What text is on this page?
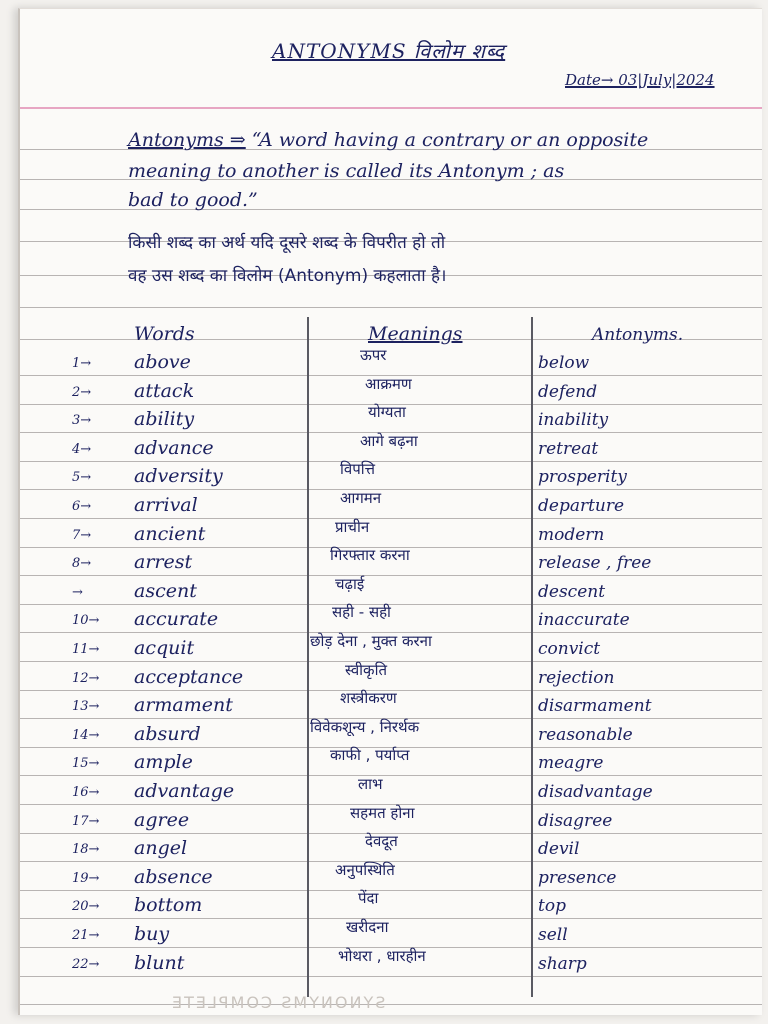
ANTONYMS विलोम शब्द
Date→ 03|July|2024
Antonyms ⇒ “A word having a contrary or an opposite
meaning to another is called its Antonym ; as
bad to good.”
किसी शब्द का अर्थ यदि दूसरे शब्द के विपरीत हो तो
वह उस शब्द का विलोम (Antonym) कहलाता है।
Words	Meanings	Antonyms.
1→ above	ऊपर	below
2→ attack	आक्रमण	defend
3→ ability	योग्यता	inability
4→ advance	आगे बढ़ना	retreat
5→ adversity	विपत्ति	prosperity
6→ arrival	आगमन	departure
7→ ancient	प्राचीन	modern
8→ arrest	गिरफ्तार करना	release , free
→	ascent	चढ़ाई	descent
10→ accurate	सही - सही	inaccurate
11→ acquit	छोड़ देना , मुक्त करना	convict
12→ acceptance	स्वीकृति	rejection
13→ armament	शस्त्रीकरण	disarmament
14→ absurd	विवेकशून्य , निरर्थक	reasonable
15→ ample	काफी , पर्याप्त	meagre
16→ advantage	लाभ	disadvantage
17→ agree	सहमत होना	disagree
18→ angel	देवदूत	devil
19→ absence	अनुपस्थिति	presence
20→ bottom	पेंदा	top
21→ buy	खरीदना	sell
22→ blunt	भोथरा , धारहीन	sharp
SYNONYMS COMPLETE
